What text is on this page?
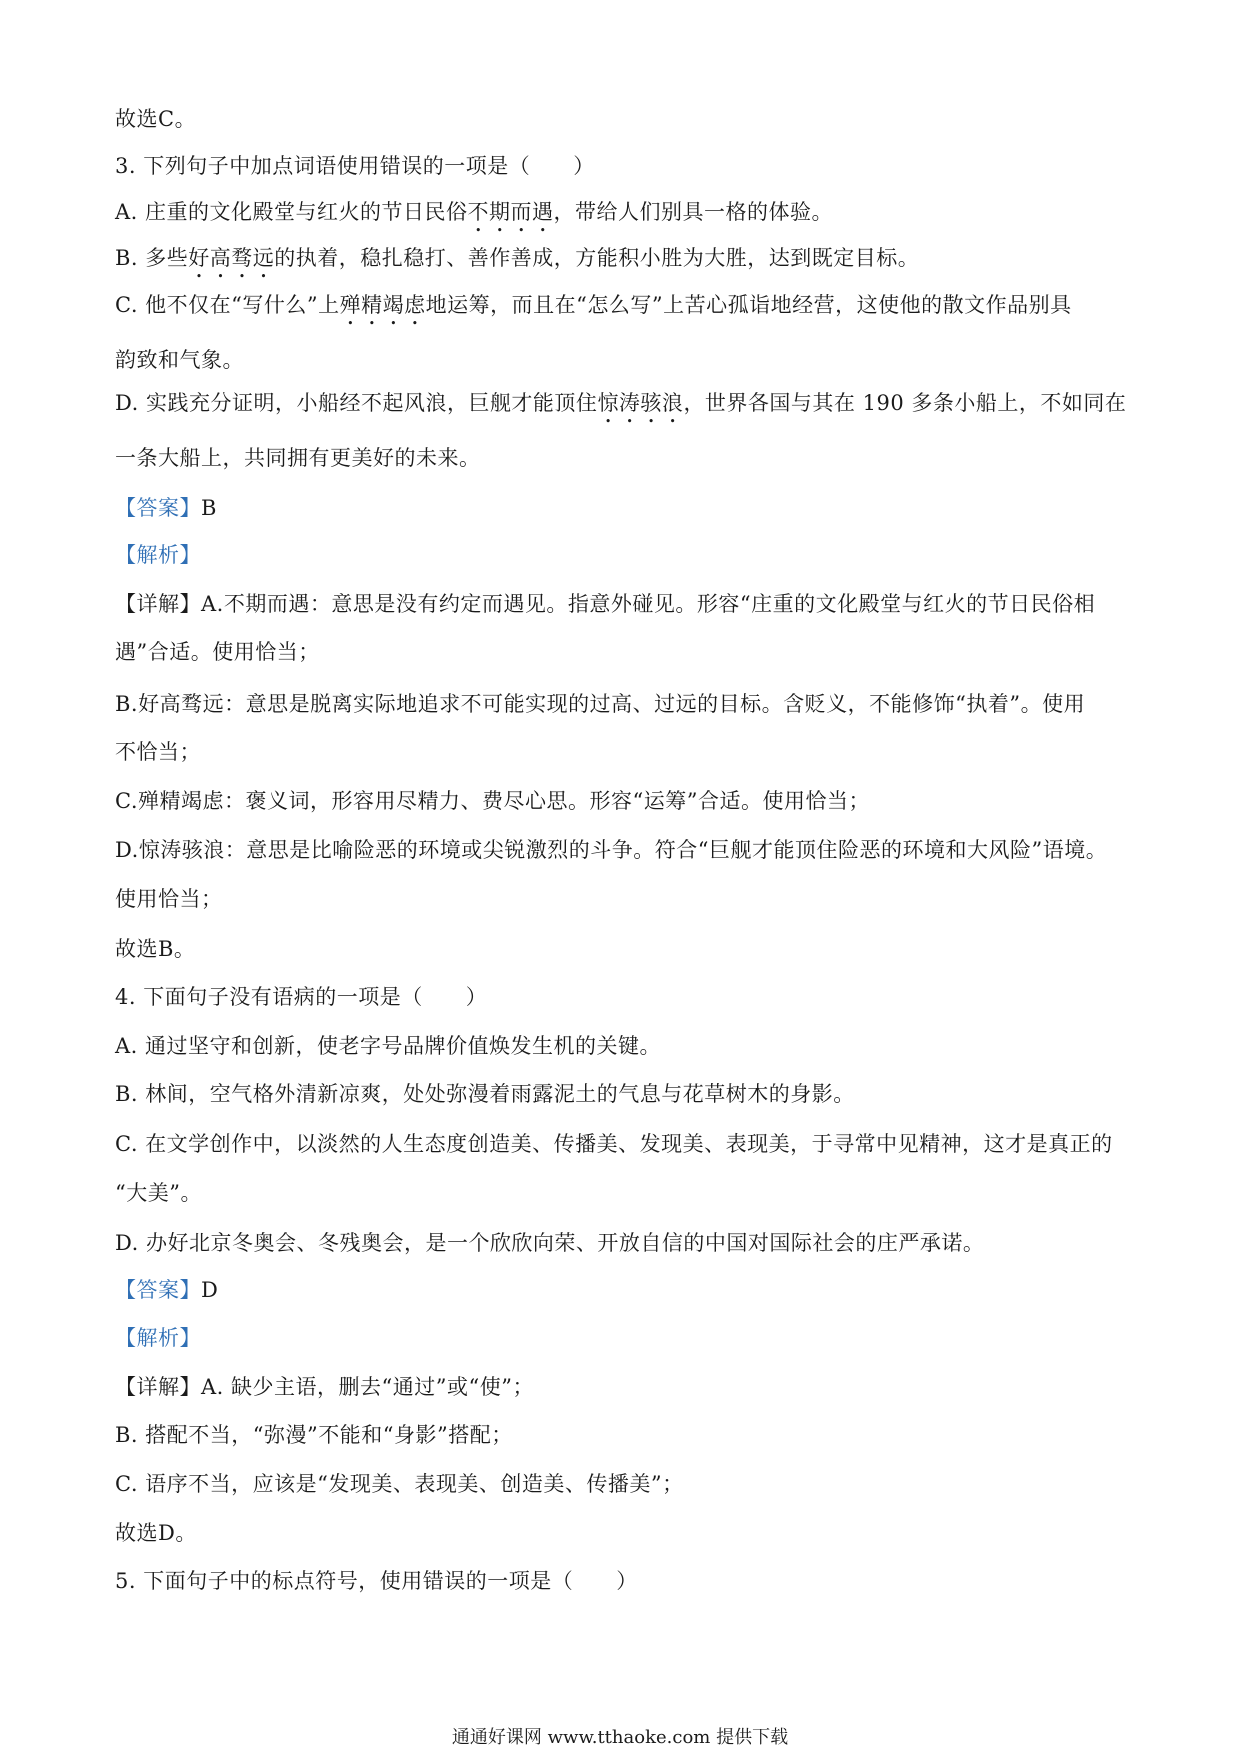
故选C。
3. 下列句子中加点词语使用错误的一项是（　　）
A. 庄重的文化殿堂与红火的节日民俗不期而遇，带给人们别具一格的体验。
B. 多些好高骛远的执着，稳扎稳打、善作善成，方能积小胜为大胜，达到既定目标。
C. 他不仅在“写什么”上殚精竭虑地运筹，而且在“怎么写”上苦心孤诣地经营，这使他的散文作品别具
韵致和气象。
D. 实践充分证明，小船经不起风浪，巨舰才能顶住惊涛骇浪，世界各国与其在 190 多条小船上，不如同在
一条大船上，共同拥有更美好的未来。
【答案】B
【解析】
【详解】A.不期而遇：意思是没有约定而遇见。指意外碰见。形容“庄重的文化殿堂与红火的节日民俗相
遇”合适。使用恰当；
B.好高骛远：意思是脱离实际地追求不可能实现的过高、过远的目标。含贬义，不能修饰“执着”。使用
不恰当；
C.殚精竭虑：褒义词，形容用尽精力、费尽心思。形容“运筹”合适。使用恰当；
D.惊涛骇浪：意思是比喻险恶的环境或尖锐激烈的斗争。符合“巨舰才能顶住险恶的环境和大风险”语境。
使用恰当；
故选B。
4. 下面句子没有语病的一项是（　　）
A. 通过坚守和创新，使老字号品牌价值焕发生机的关键。
B. 林间，空气格外清新凉爽，处处弥漫着雨露泥土的气息与花草树木的身影。
C. 在文学创作中，以淡然的人生态度创造美、传播美、发现美、表现美，于寻常中见精神，这才是真正的
“大美”。
D. 办好北京冬奥会、冬残奥会，是一个欣欣向荣、开放自信的中国对国际社会的庄严承诺。
【答案】D
【解析】
【详解】A. 缺少主语，删去“通过”或“使”；
B. 搭配不当，“弥漫”不能和“身影”搭配；
C. 语序不当，应该是“发现美、表现美、创造美、传播美”；
故选D。
5. 下面句子中的标点符号，使用错误的一项是（　　）
通通好课网 www.tthaoke.com 提供下载
